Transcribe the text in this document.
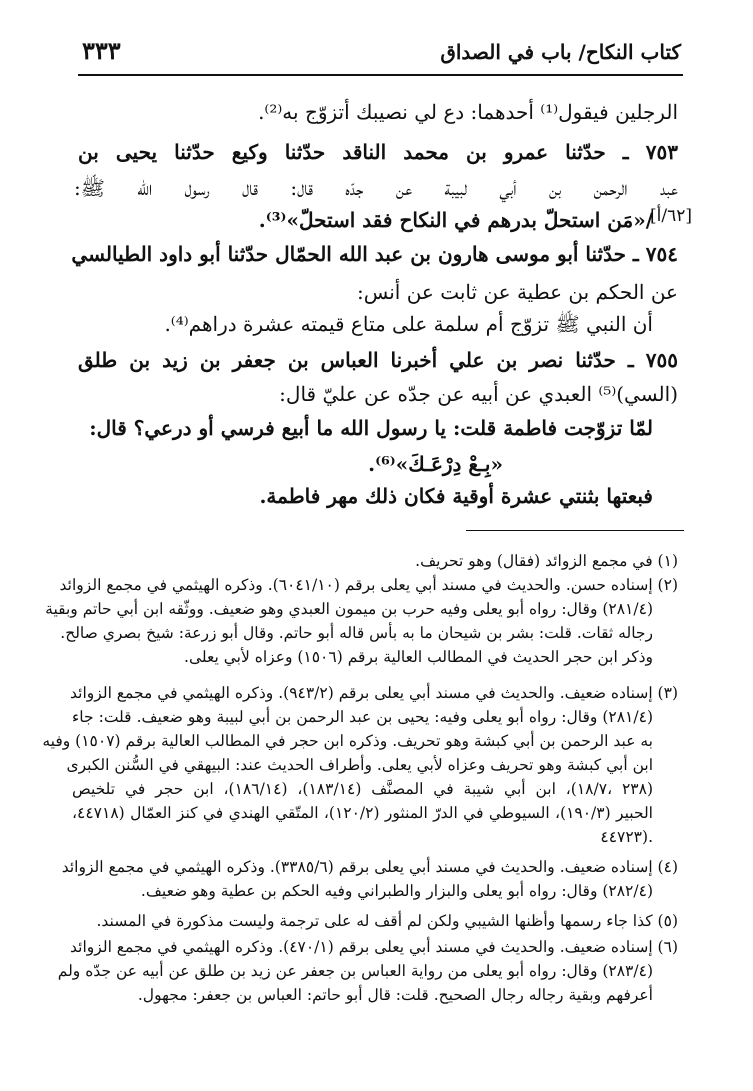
٣٣٣	كتاب النكاح/ باب في الصداق
الرجلين فيقول⁽¹⁾ أحدهما: دع لي نصيبك أتزوّج به⁽²⁾.
٧٥٣ ـ حدّثنا عمرو بن محمد الناقد حدّثنا وكيع حدّثنا يحيى بن
عبد الرحمن بن أبي لبيبة عن جدّه قال: قال رسول الله ﷺ:
/«مَن استحلّ بدرهم في النكاح فقد استحلّ»⁽³⁾.
٧٥٤ ـ حدّثنا أبو موسى هارون بن عبد الله الحمّال حدّثنا أبو داود الطيالسي
عن الحكم بن عطية عن ثابت عن أنس:
أن النبي ﷺ تزوّج أم سلمة على متاع قيمته عشرة دراهم⁽⁴⁾.
٧٥٥ ـ حدّثنا نصر بن علي أخبرنا العباس بن جعفر بن زيد بن طلق
(السي)⁽⁵⁾ العبدي عن أبيه عن جدّه عن عليّ قال:
لمّا تزوّجت فاطمة قلت: يا رسول الله ما أبيع فرسي أو درعي؟ قال:
«بِـعْ دِرْعَـكَ»⁽⁶⁾.
فبعتها بثنتي عشرة أوقية فكان ذلك مهر فاطمة.
[٦٢/أ]
(١) في مجمع الزوائد (فقال) وهو تحريف.
(٢) إسناده حسن. والحديث في مسند أبي يعلى برقم (٦٠٤١/١٠). وذكره الهيثمي في مجمع الزوائد
(٢٨١/٤) وقال: رواه أبو يعلى وفيه حرب بن ميمون العبدي وهو ضعيف. ووثّقه ابن أبي حاتم وبقية
رجاله ثقات. قلت: بشر بن شيحان ما به بأس قاله أبو حاتم. وقال أبو زرعة: شيخ بصري صالح.
وذكر ابن حجر الحديث في المطالب العالية برقم (١٥٠٦) وعزاه لأبي يعلى.
(٣) إسناده ضعيف. والحديث في مسند أبي يعلى برقم (٩٤٣/٢). وذكره الهيثمي في مجمع الزوائد
(٢٨١/٤) وقال: رواه أبو يعلى وفيه: يحيى بن عبد الرحمن بن أبي لبيبة وهو ضعيف. قلت: جاء
به عبد الرحمن بن أبي كبشة وهو تحريف. وذكره ابن حجر في المطالب العالية برقم (١٥٠٧) وفيه
ابن أبي كبشة وهو تحريف وعزاه لأبي يعلى. وأطراف الحديث عند: البيهقي في السُّنن الكبرى
(٢٣٨ ،١٨/٧)، ابن أبي شيبة في المصنَّف (١٨٣/١٤)، (١٨٦/١٤)، ابن حجر في تلخيص
الحبير (١٩٠/٣)، السيوطي في الدرّ المنثور (١٢٠/٢)، المتّقي الهندي في كنز العمّال (٤٤٧١٨،
٤٤٧٢٣).
(٤) إسناده ضعيف. والحديث في مسند أبي يعلى برقم (٣٣٨٥/٦). وذكره الهيثمي في مجمع الزوائد
(٢٨٢/٤) وقال: رواه أبو يعلى والبزار والطبراني وفيه الحكم بن عطية وهو ضعيف.
(٥) كذا جاء رسمها وأظنها الشيبي ولكن لم أقف له على ترجمة وليست مذكورة في المسند.
(٦) إسناده ضعيف. والحديث في مسند أبي يعلى برقم (٤٧٠/١). وذكره الهيثمي في مجمع الزوائد
(٢٨٣/٤) وقال: رواه أبو يعلى من رواية العباس بن جعفر عن زيد بن طلق عن أبيه عن جدّه ولم
أعرفهم وبقية رجاله رجال الصحيح. قلت: قال أبو حاتم: العباس بن جعفر: مجهول.
